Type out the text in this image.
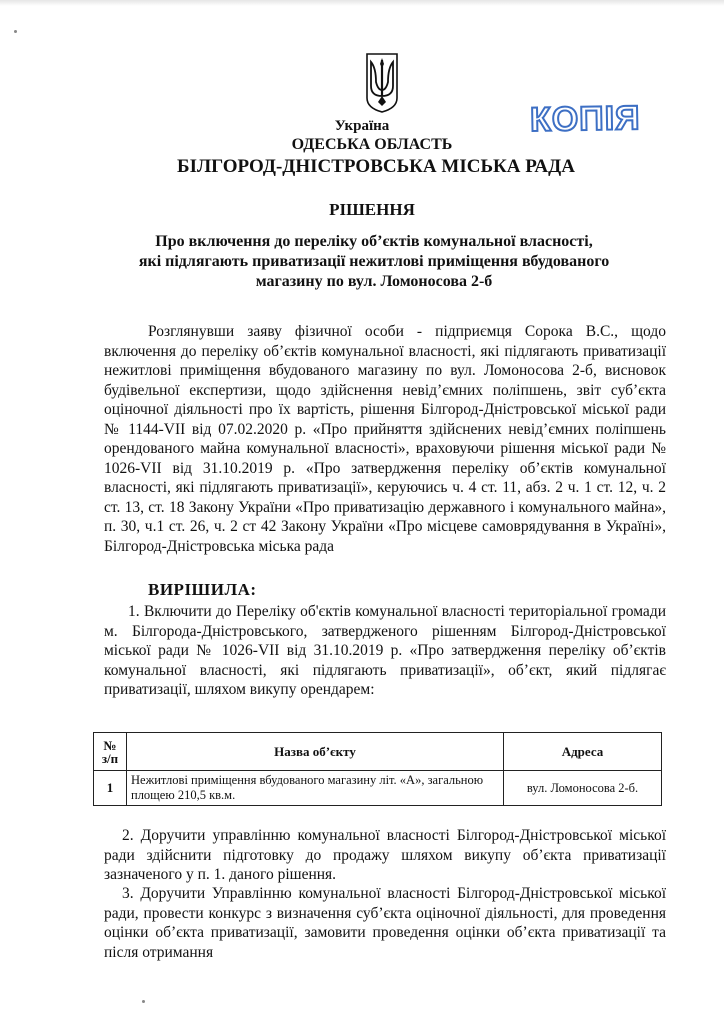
КОПІЯ
Україна
ОДЕСЬКА ОБЛАСТЬ
БІЛГОРОД-ДНІСТРОВСЬКА МІСЬКА РАДА
РІШЕННЯ
Про включення до переліку об’єктів комунальної власності,
які підлягають приватизації нежитлові приміщення вбудованого
магазину по вул. Ломоносова 2-б
Розглянувши заяву фізичної особи - підприємця Сорока В.С., щодо включення до переліку об’єктів комунальної власності, які підлягають приватизації нежитлові приміщення вбудованого магазину по вул. Ломоносова 2-б, висновок будівельної експертизи, щодо здійснення невід’ємних поліпшень, звіт суб’єкта оціночної діяльності про їх вартість, рішення Білгород-Дністровської міської ради № 1144-VII від 07.02.2020 р. «Про прийняття здійснених невід’ємних поліпшень орендованого майна комунальної власності», враховуючи рішення міської ради № 1026-VII від 31.10.2019 р. «Про затвердження переліку об’єктів комунальної власності, які підлягають приватизації», керуючись ч. 4 ст. 11, абз. 2 ч. 1 ст. 12, ч. 2 ст. 13, ст. 18 Закону України «Про приватизацію державного і комунального майна», п. 30, ч.1 ст. 26, ч. 2 ст 42 Закону України «Про місцеве самоврядування в Україні», Білгород-Дністровська міська рада
ВИРІШИЛА:
1. Включити до Переліку об'єктів комунальної власності територіальної громади м. Білгорода-Дністровського, затвердженого рішенням Білгород-Дністровської міської ради № 1026-VII від 31.10.2019 р. «Про затвердження переліку об’єктів комунальної власності, які підлягають приватизації», об’єкт, який підлягає приватизації, шляхом викупу орендарем:
№ з/п	Назва об’єкту	Адреса
1	Нежитлові приміщення вбудованого магазину літ. «А», загальною площею 210,5 кв.м.	вул. Ломоносова 2-б.
2. Доручити управлінню комунальної власності Білгород-Дністровської міської ради здійснити підготовку до продажу шляхом викупу об’єкта приватизації зазначеного у п. 1. даного рішення.
3. Доручити Управлінню комунальної власності Білгород-Дністровської міської ради, провести конкурс з визначення суб’єкта оціночної діяльності, для проведення оцінки об’єкта приватизації, замовити проведення оцінки об’єкта приватизації та після отримання
